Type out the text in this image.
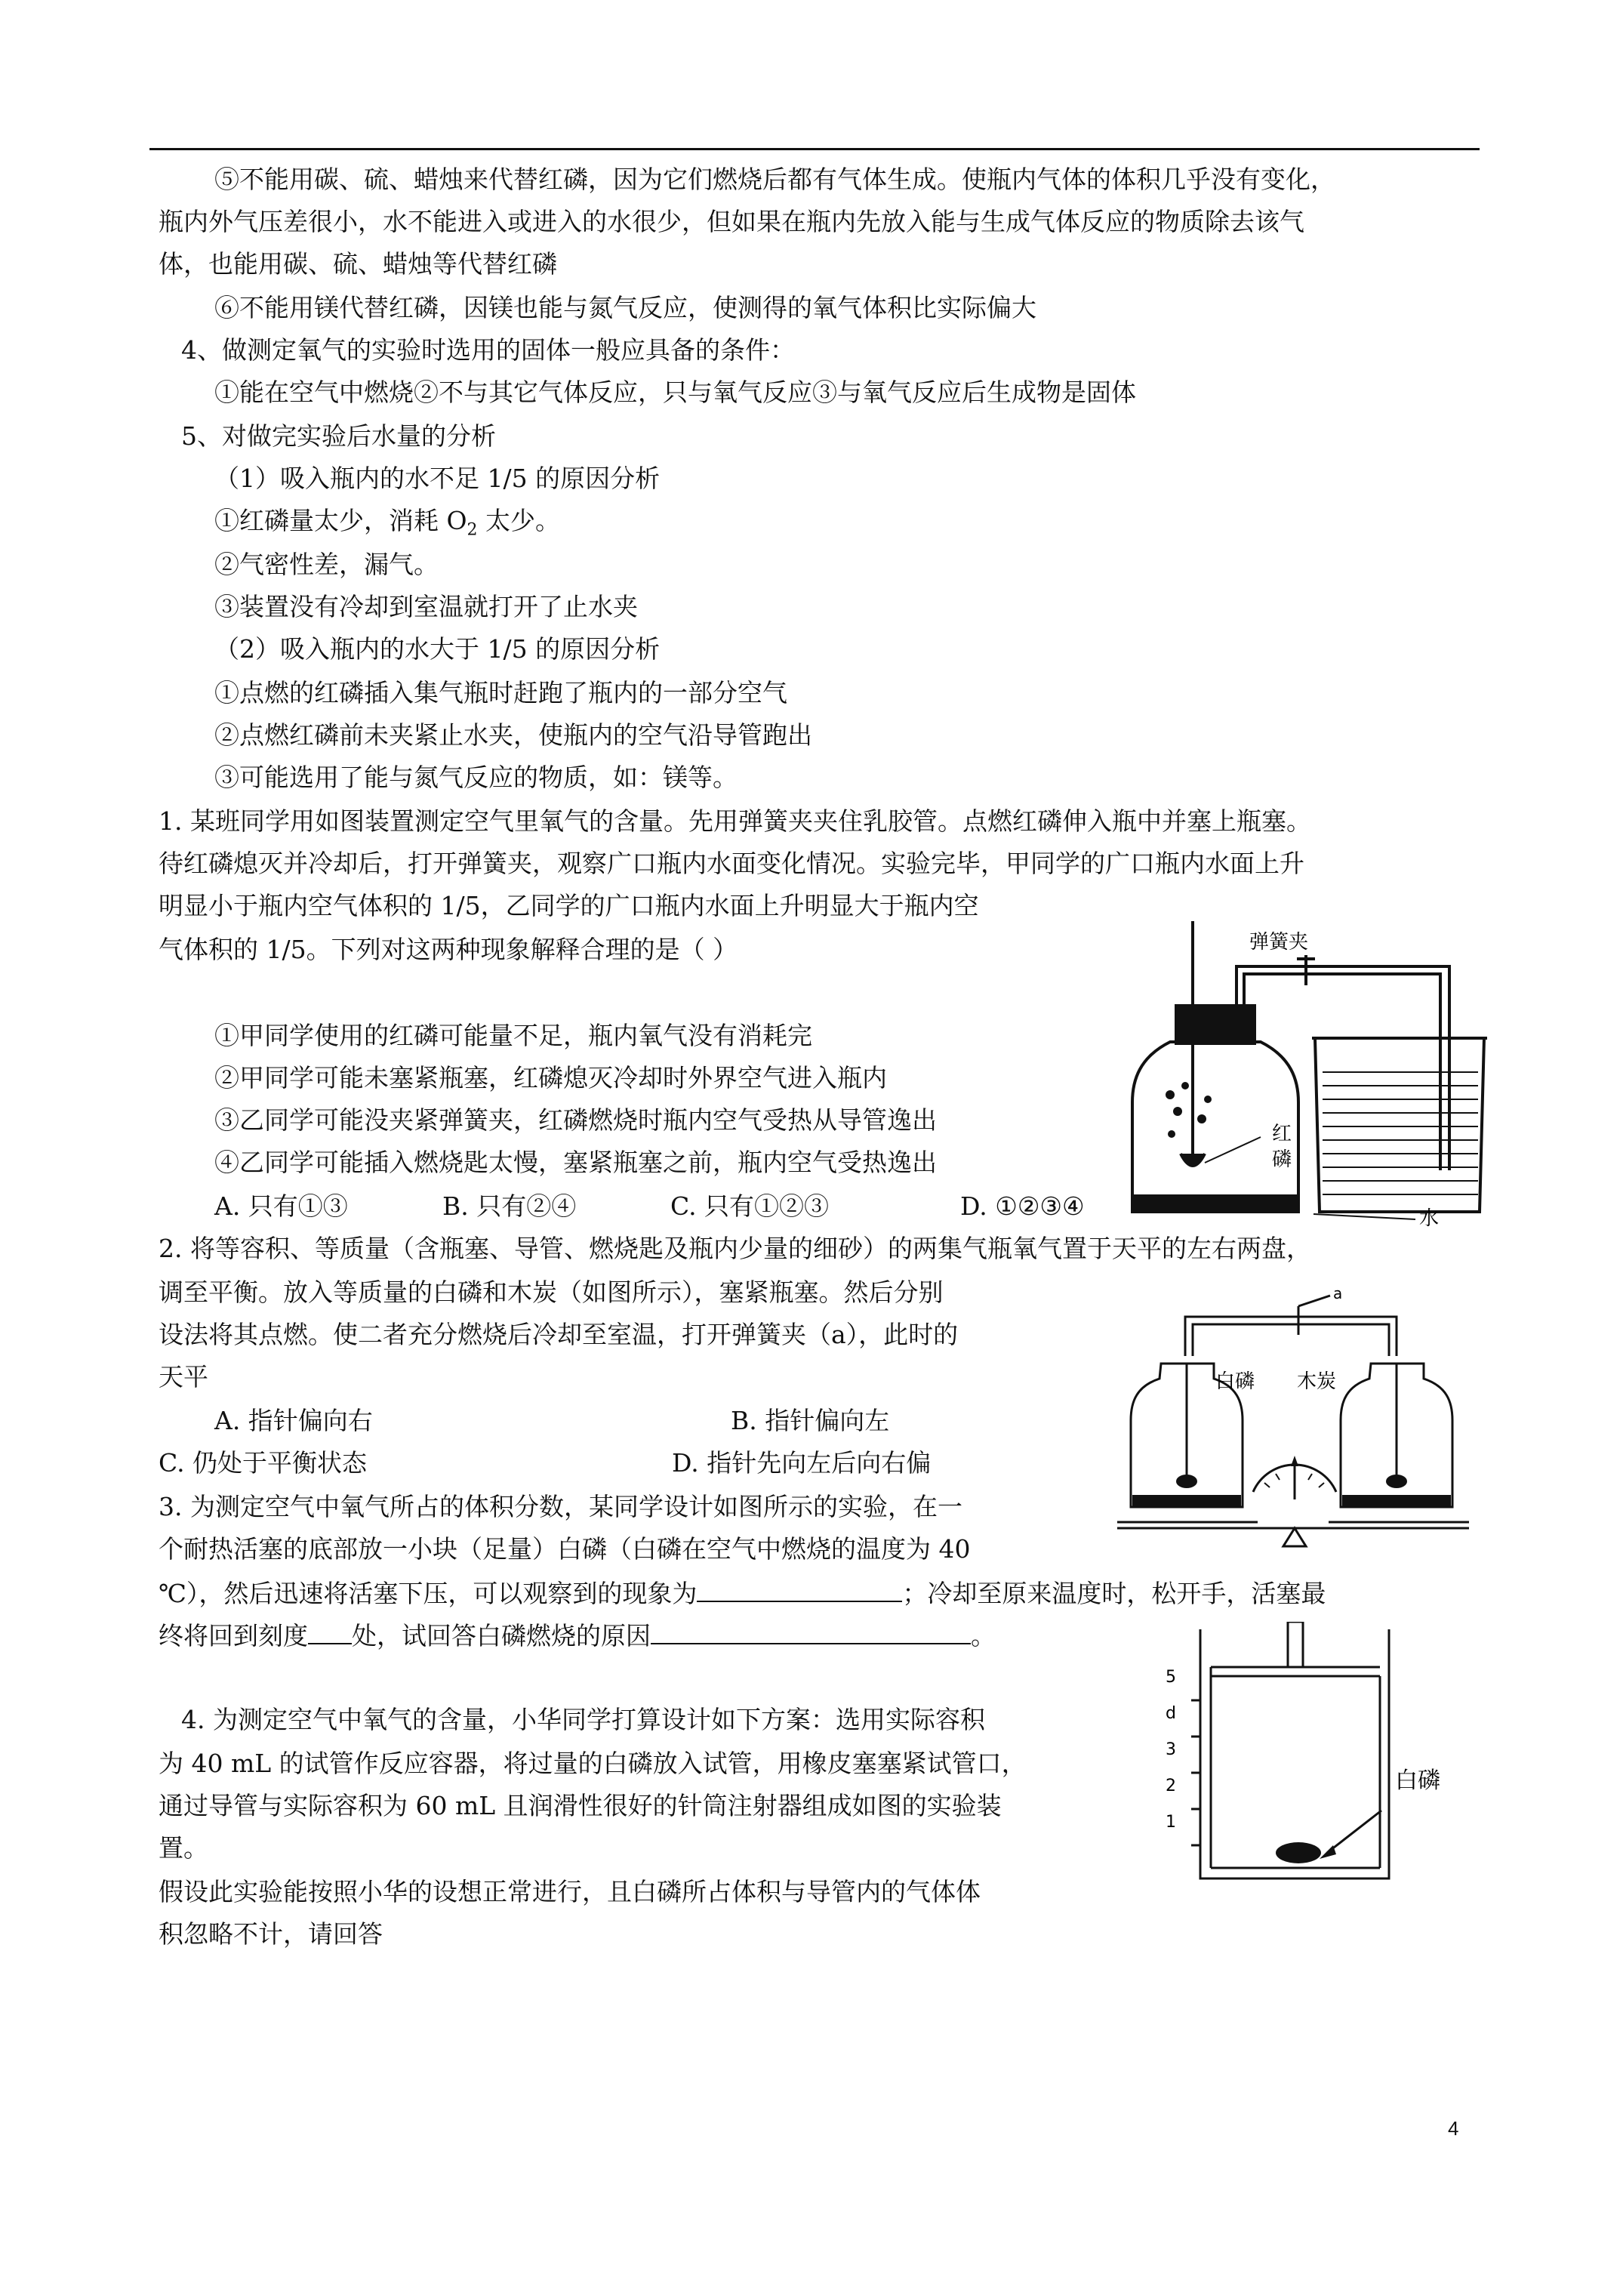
⑤不能用碳、硫、蜡烛来代替红磷，因为它们燃烧后都有气体生成。使瓶内气体的体积几乎没有变化，
瓶内外气压差很小，水不能进入或进入的水很少，但如果在瓶内先放入能与生成气体反应的物质除去该气
体，也能用碳、硫、蜡烛等代替红磷
⑥不能用镁代替红磷，因镁也能与氮气反应，使测得的氧气体积比实际偏大
4、做测定氧气的实验时选用的固体一般应具备的条件：
①能在空气中燃烧②不与其它气体反应，只与氧气反应③与氧气反应后生成物是固体
5、对做完实验后水量的分析
（1）吸入瓶内的水不足 1/5 的原因分析
①红磷量太少，消耗 $O_2$ 太少。
②气密性差，漏气。
③装置没有冷却到室温就打开了止水夹
（2）吸入瓶内的水大于 1/5 的原因分析
①点燃的红磷插入集气瓶时赶跑了瓶内的一部分空气
②点燃红磷前未夹紧止水夹，使瓶内的空气沿导管跑出
③可能选用了能与氮气反应的物质，如：镁等。
1. 某班同学用如图装置测定空气里氧气的含量。先用弹簧夹夹住乳胶管。点燃红磷伸入瓶中并塞上瓶塞。
待红磷熄灭并冷却后，打开弹簧夹，观察广口瓶内水面变化情况。实验完毕，甲同学的广口瓶内水面上升
明显小于瓶内空气体积的 1/5，乙同学的广口瓶内水面上升明显大于瓶内空
气体积的 1/5。下列对这两种现象解释合理的是（ ）
①甲同学使用的红磷可能量不足，瓶内氧气没有消耗完
②甲同学可能未塞紧瓶塞，红磷熄灭冷却时外界空气进入瓶内
③乙同学可能没夹紧弹簧夹，红磷燃烧时瓶内空气受热从导管逸出
④乙同学可能插入燃烧匙太慢，塞紧瓶塞之前，瓶内空气受热逸出
A. 只有①③	B. 只有②④	C. 只有①②③	D. ①②③④
弹簧夹
红
磷
水
2. 将等容积、等质量（含瓶塞、导管、燃烧匙及瓶内少量的细砂）的两集气瓶氧气置于天平的左右两盘，
调至平衡。放入等质量的白磷和木炭（如图所示），塞紧瓶塞。然后分别
设法将其点燃。使二者充分燃烧后冷却至室温，打开弹簧夹（a），此时的
天平
A. 指针偏向右	B. 指针偏向左
C. 仍处于平衡状态	D. 指针先向左后向右偏
a
白磷 木炭
3. 为测定空气中氧气所占的体积分数，某同学设计如图所示的实验，在一
个耐热活塞的底部放一小块（足量）白磷（白磷在空气中燃烧的温度为 40
℃），然后迅速将活塞下压，可以观察到的现象为	；冷却至原来温度时，松开手，活塞最
终将回到刻度 处，试回答白磷燃烧的原因	。
5
d
3
2
1
白磷
4. 为测定空气中氧气的含量，小华同学打算设计如下方案：选用实际容积
为 40 mL 的试管作反应容器，将过量的白磷放入试管，用橡皮塞塞紧试管口，
通过导管与实际容积为 60 mL 且润滑性很好的针筒注射器组成如图的实验装
置。
假设此实验能按照小华的设想正常进行，且白磷所占体积与导管内的气体体
积忽略不计，请回答
4
